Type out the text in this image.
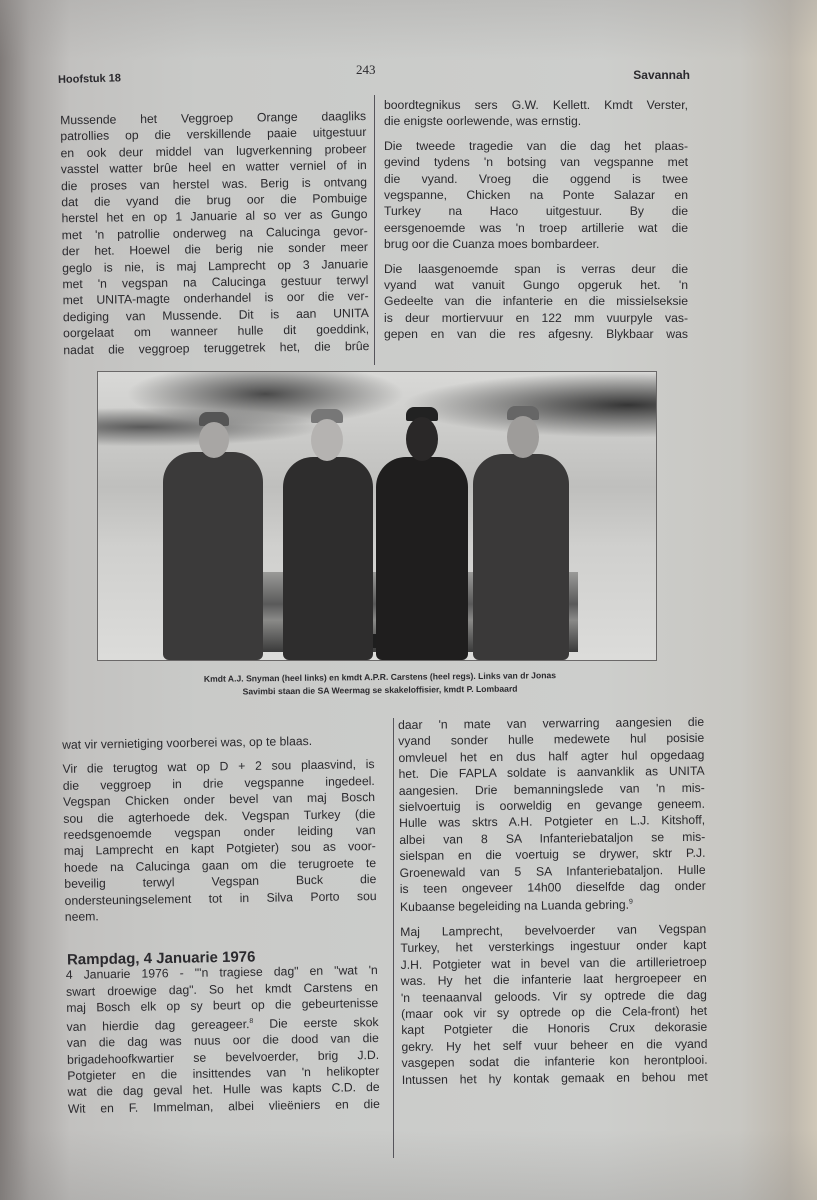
Hoofstuk 18
243	Savannah

Mussende het Veggroep Orange daagliks
patrollies op die verskillende paaie uitgestuur
en ook deur middel van lugverkenning probeer
vasstel watter brûe heel en watter verniel of in
die proses van herstel was. Berig is ontvang
dat die vyand die brug oor die Pombuige
herstel het en op 1 Januarie al so ver as Gungo
met 'n patrollie onderweg na Calucinga gevor-
der het. Hoewel die berig nie sonder meer
geglo is nie, is maj Lamprecht op 3 Januarie
met 'n vegspan na Calucinga gestuur terwyl
met UNITA-magte onderhandel is oor die ver-
dediging van Mussende. Dit is aan UNITA
oorgelaat om wanneer hulle dit goeddink,
nadat die veggroep teruggetrek het, die brûe

boordtegnikus sers G.W. Kellett. Kmdt Verster,
die enigste oorlewende, was ernstig.

Die tweede tragedie van die dag het plaas-
gevind tydens 'n botsing van vegspanne met
die vyand. Vroeg die oggend is twee
vegspanne, Chicken na Ponte Salazar en
Turkey na Haco uitgestuur. By die
eersgenoemde was 'n troep artillerie wat die
brug oor die Cuanza moes bombardeer.

Die laasgenoemde span is verras deur die
vyand wat vanuit Gungo opgeruk het. 'n
Gedeelte van die infanterie en die missielseksie
is deur mortiervuur en 122 mm vuurpyle vas-
gepen en van die res afgesny. Blykbaar was

Kmdt A.J. Snyman (heel links) en kmdt A.P.R. Carstens (heel regs). Links van dr Jonas
Savimbi staan die SA Weermag se skakeloffisier, kmdt P. Lombaard

wat vir vernietiging voorberei was, op te blaas.

Vir die terugtog wat op D + 2 sou plaasvind, is
die veggroep in drie vegspanne ingedeel.
Vegspan Chicken onder bevel van maj Bosch
sou die agterhoede dek. Vegspan Turkey (die
reedsgenoemde vegspan onder leiding van
maj Lamprecht en kapt Potgieter) sou as voor-
hoede na Calucinga gaan om die terugroete te
beveilig terwyl Vegspan Buck die
ondersteuningselement tot in Silva Porto sou
neem.

4 Januarie 1976 - "'n tragiese dag" en "wat 'n
swart droewige dag". So het kmdt Carstens en
maj Bosch elk op sy beurt op die gebeurtenisse
van hierdie dag gereageer.$^8$ Die eerste skok
van die dag was nuus oor die dood van die
brigadehoofkwartier se bevelvoerder, brig J.D.
Potgieter en die insittendes van 'n helikopter
wat die dag geval het. Hulle was kapts C.D. de
Wit en F. Immelman, albei vlieëniers en die

Rampdag, 4 Januarie 1976

daar 'n mate van verwarring aangesien die
vyand sonder hulle medewete hul posisie
omvleuel het en dus half agter hul opgedaag
het. Die FAPLA soldate is aanvanklik as UNITA
aangesien. Drie bemanningslede van 'n mis-
sielvoertuig is oorweldig en gevange geneem.
Hulle was sktrs A.H. Potgieter en L.J. Kitshoff,
albei van 8 SA Infanteriebataljon se mis-
sielspan en die voertuig se drywer, sktr P.J.
Groenewald van 5 SA Infanteriebataljon. Hulle
is teen ongeveer 14h00 dieselfde dag onder
Kubaanse begeleiding na Luanda gebring.$^9$

Maj Lamprecht, bevelvoerder van Vegspan
Turkey, het versterkings ingestuur onder kapt
J.H. Potgieter wat in bevel van die artillerietroep
was. Hy het die infanterie laat hergroepeer en
'n teenaanval geloods. Vir sy optrede die dag
(maar ook vir sy optrede op die Cela-front) het
kapt Potgieter die Honoris Crux dekorasie
gekry. Hy het self vuur beheer en die vyand
vasgepen sodat die infanterie kon herontplooi.
Intussen het hy kontak gemaak en behou met
